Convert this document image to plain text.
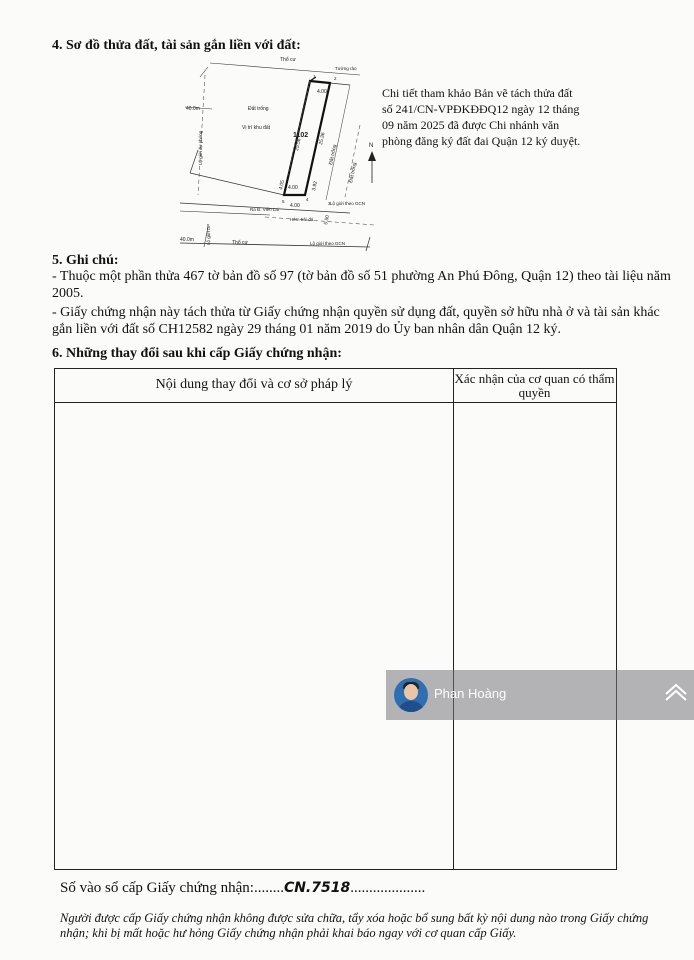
4. Sơ đồ thửa đất, tài sản gắn liền với đất:
Thổ cư
Tường rào
Đất trống
Vị trí khu đất
40.0m
Lộ giới dự phóng	1102
25.56	25.36
Đất trống
Đất trống
4.00
1	2
5	4
3
4.00
4.05	3.92
4.00
5.50
Lộ giới theo GCN
Ra Đ. Viên Lai
Hẻm trải đá
Lộ giới theo GCN
Thổ cư
40.0m	Lộ giới DP
N
Chi tiết tham khảo Bản vẽ tách thửa đất số 241/CN-VPĐKĐĐQ12 ngày 12 tháng 09 năm 2025 đã được Chi nhánh văn phòng đăng ký đất đai Quận 12 ký duyệt.
5. Ghi chú:
- Thuộc một phần thửa 467 tờ bản đồ số 97 (tờ bản đồ số 51 phường An Phú Đông, Quận 12) theo tài liệu năm 2005.
- Giấy chứng nhận này tách thửa từ Giấy chứng nhận quyền sử dụng đất, quyền sở hữu nhà ở và tài sản khác gắn liền với đất số CH12582 ngày 29 tháng 01 năm 2019 do Ủy ban nhân dân Quận 12 ký.
6. Những thay đổi sau khi cấp Giấy chứng nhận:
Nội dung thay đổi và cơ sở pháp lý	Xác nhận của cơ quan có thẩm quyền
Số vào sổ cấp Giấy chứng nhận:........CN.7518....................
Người được cấp Giấy chứng nhận không được sửa chữa, tẩy xóa hoặc bổ sung bất kỳ nội dung nào trong Giấy chứng nhận; khi bị mất hoặc hư hỏng Giấy chứng nhận phải khai báo ngay với cơ quan cấp Giấy.
Phan Hoàng
